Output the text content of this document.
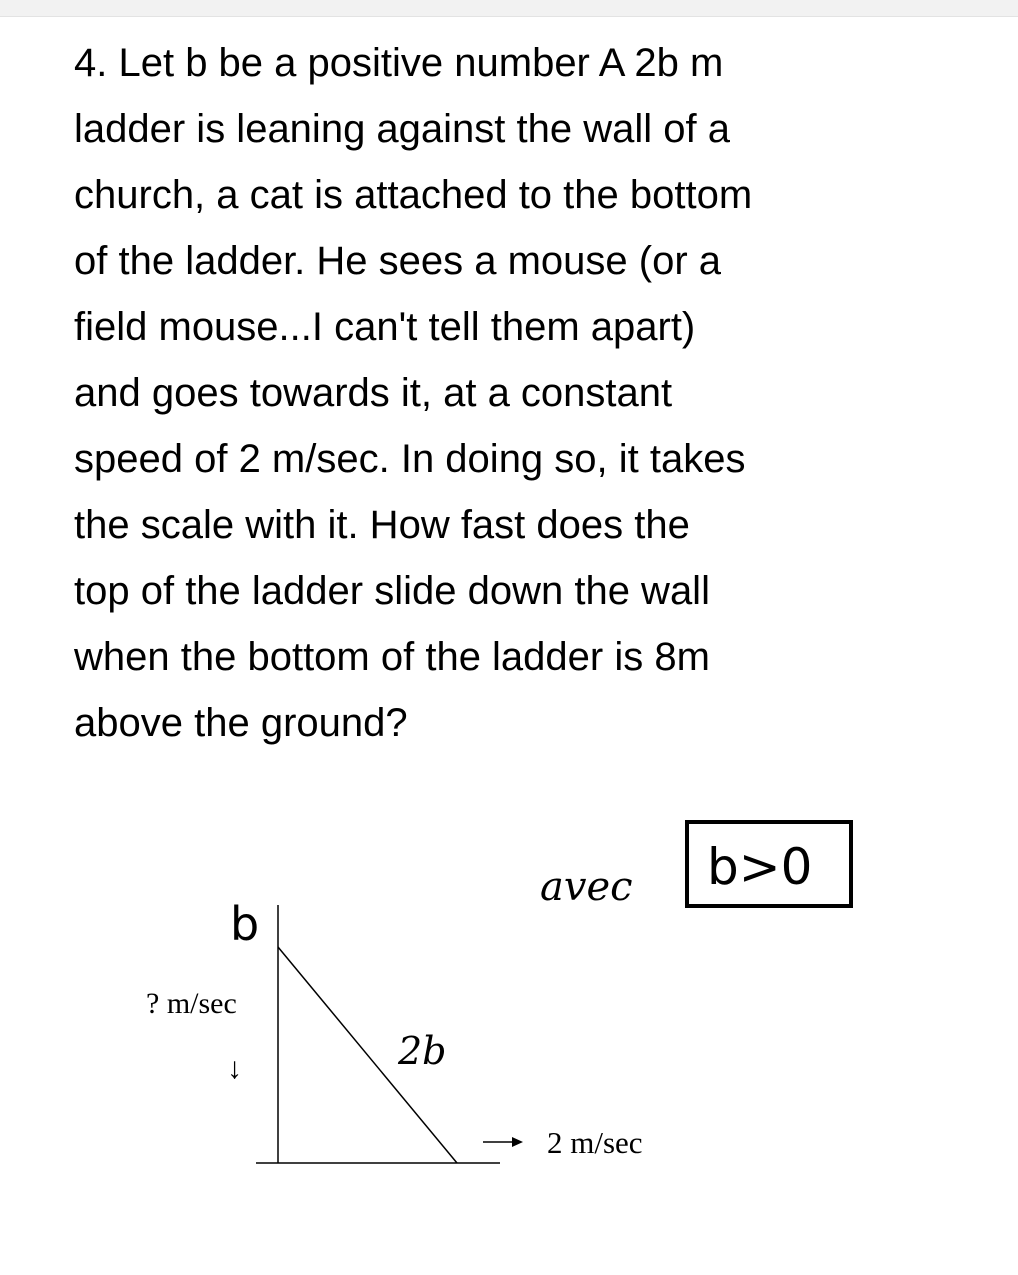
4. Let b be a positive number A 2b m
ladder is leaning against the wall of a
church, a cat is attached to the bottom
of the ladder. He sees a mouse (or a
field mouse...I can't tell them apart)
and goes towards it, at a constant
speed of 2 m/sec. In doing so, it takes
the scale with it. How fast does the
top of the ladder slide down the wall
when the bottom of the ladder is 8m
above the ground?
b
? m/sec
↓	2b
2 m/sec
avec b>0
